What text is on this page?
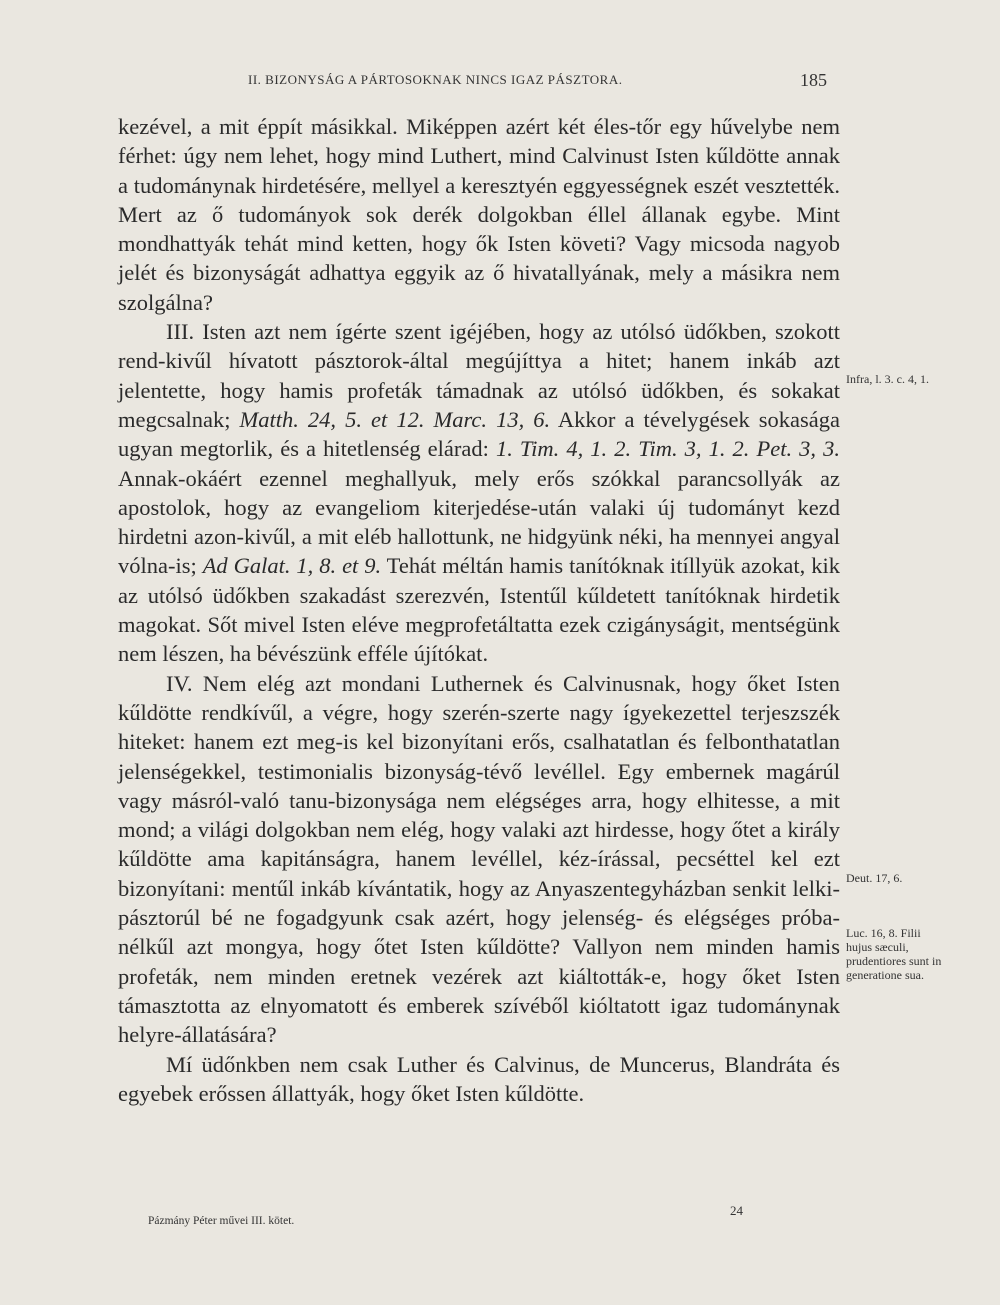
II. BIZONYSÁG A PÁRTOSOKNAK NINCS IGAZ PÁSZTORA.	185

kezével, a mit éppít másikkal. Miképpen azért két éles-tőr egy hűvelybe nem férhet: úgy nem lehet, hogy mind Luthert, mind Calvinust Isten kűldötte annak a tudománynak hirdetésére, mellyel a keresztyén eggyességnek eszét vesztették. Mert az ő tudományok sok derék dolgokban éllel állanak egybe. Mint mondhattyák tehát mind ketten, hogy ők Isten követi? Vagy micsoda nagyob jelét és bizonyságát adhattya eggyik az ő hivatallyának, mely a másikra nem szolgálna?

III. Isten azt nem ígérte szent igéjében, hogy az utólsó üdőkben, szokott rend-kivűl hívatott pásztorok-által megújíttya a hitet; hanem inkáb azt jelentette, hogy hamis profeták támadnak az utólsó üdőkben, és sokakat megcsalnak; Matth. 24, 5. et 12. Marc. 13, 6. Akkor a tévelygések sokasága ugyan megtorlik, és a hitetlenség elárad: 1. Tim. 4, 1. 2. Tim. 3, 1. 2. Pet. 3, 3. Annak-okáért ezennel meghallyuk, mely erős szókkal parancsollyák az apostolok, hogy az evangeliom kiterjedése-után valaki új tudományt kezd hirdetni azon-kivűl, a mit eléb hallottunk, ne hidgyünk néki, ha mennyei angyal vólna-is; Ad Galat. 1, 8. et 9. Tehát méltán hamis tanítóknak itíllyük azokat, kik az utólsó üdőkben szakadást szerezvén, Istentűl kűldetett tanítóknak hirdetik magokat. Sőt mivel Isten eléve megprofetáltatta ezek czigányságit, mentségünk nem lészen, ha bévészünk efféle újítókat.

IV. Nem elég azt mondani Luthernek és Calvinusnak, hogy őket Isten kűldötte rendkívűl, a végre, hogy szerén-szerte nagy ígyekezettel terjeszszék hiteket: hanem ezt meg-is kel bizonyítani erős, csalhatatlan és felbonthatatlan jelenségekkel, testimonialis bizonyság-tévő levéllel. Egy embernek magárúl vagy másról-való tanu-bizonysága nem elégséges arra, hogy elhitesse, a mit mond; a világi dolgokban nem elég, hogy valaki azt hirdesse, hogy őtet a király kűldötte ama kapitánságra, hanem levéllel, kéz-írással, pecséttel kel ezt bizonyítani: mentűl inkáb kívántatik, hogy az Anyaszentegyházban senkit lelki-pásztorúl bé ne fogadgyunk csak azért, hogy jelenség- és elégséges próba-nélkűl azt mongya, hogy őtet Isten kűldötte? Vallyon nem minden hamis profeták, nem minden eretnek vezérek azt kiáltották-e, hogy őket Isten támasztotta az elnyomatott és emberek szívéből kióltatott igaz tudománynak helyre-állatására?

Mí üdőnkben nem csak Luther és Calvinus, de Muncerus, Blandráta és egyebek erőssen állattyák, hogy őket Isten kűldötte.

Infra, l. 3. c. 4, 1.
Deut. 17, 6.
Luc. 16, 8. Filii hujus sæculi, prudentiores sunt in generatione sua.
24
Pázmány Péter művei III. kötet.
